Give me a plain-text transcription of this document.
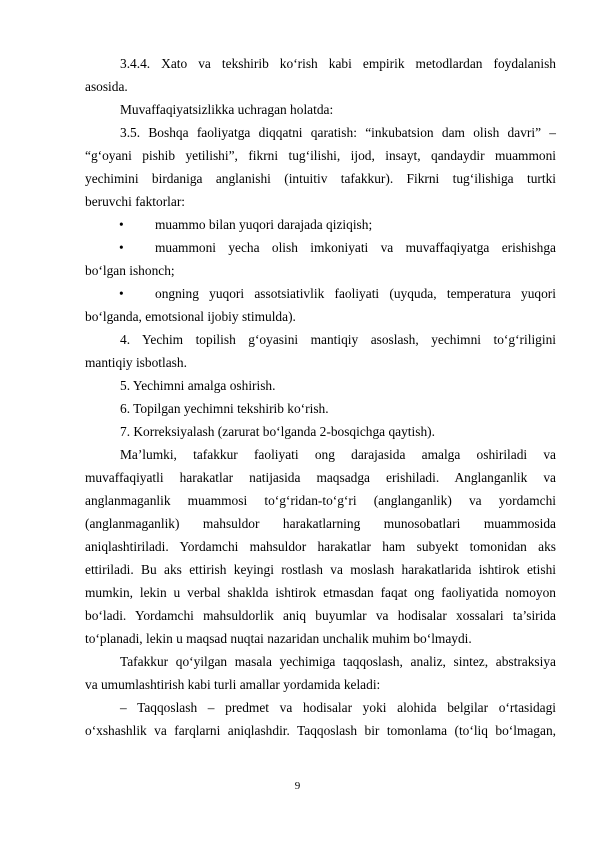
3.4.4. Xato va tekshirib ko‘rish kabi empirik metodlardan foydalanish
asosida.
Muvaffaqiyatsizlikka uchragan holatda:
3.5. Boshqa faoliyatga diqqatni qaratish: “inkubatsion dam olish davri” –
“g‘oyani pishib yetilishi”, fikrni tug‘ilishi, ijod, insayt, qandaydir muammoni
yechimini birdaniga anglanishi (intuitiv tafakkur). Fikrni tug‘ilishiga turtki
beruvchi faktorlar:
• muammo bilan yuqori darajada qiziqish;
• muammoni yecha olish imkoniyati va muvaffaqiyatga erishishga
bo‘lgan ishonch;
• ongning yuqori assotsiativlik faoliyati (uyquda, temperatura yuqori
bo‘lganda, emotsional ijobiy stimulda).
4. Yechim topilish g‘oyasini mantiqiy asoslash, yechimni to‘g‘riligini
mantiqiy isbotlash.
5. Yechimni amalga oshirish.
6. Topilgan yechimni tekshirib ko‘rish.
7. Korreksiyalash (zarurat bo‘lganda 2-bosqichga qaytish).
Ma’lumki, tafakkur faoliyati ong darajasida amalga oshiriladi va
muvaffaqiyatli harakatlar natijasida maqsadga erishiladi. Anglanganlik va
anglanmaganlik muammosi to‘g‘ridan-to‘g‘ri (anglanganlik) va yordamchi
(anglanmaganlik) mahsuldor harakatlarning munosobatlari muammosida
aniqlashtiriladi. Yordamchi mahsuldor harakatlar ham subyekt tomonidan aks
ettiriladi. Bu aks ettirish keyingi rostlash va moslash harakatlarida ishtirok etishi
mumkin, lekin u verbal shaklda ishtirok etmasdan faqat ong faoliyatida nomoyon
bo‘ladi. Yordamchi mahsuldorlik aniq buyumlar va hodisalar xossalari ta’sirida
to‘planadi, lekin u maqsad nuqtai nazaridan unchalik muhim bo‘lmaydi.
Tafakkur qo‘yilgan masala yechimiga taqqoslash, analiz, sintez, abstraksiya
va umumlashtirish kabi turli amallar yordamida keladi:
– Taqqoslash – predmet va hodisalar yoki alohida belgilar o‘rtasidagi
o‘xshashlik va farqlarni aniqlashdir. Taqqoslash bir tomonlama (to‘liq bo‘lmagan,
9
